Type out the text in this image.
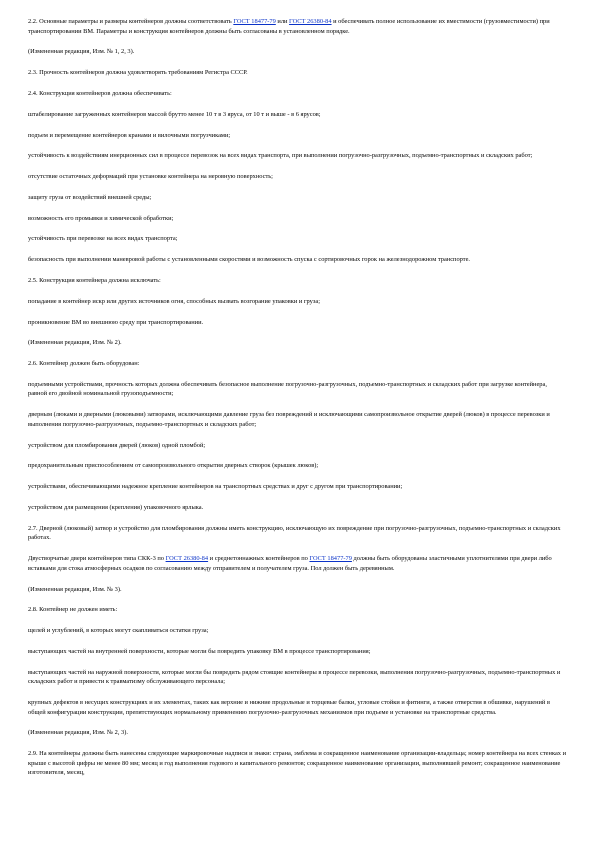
2.2. Основные параметры и размеры контейнеров должны соответствовать ГОСТ 18477-79 или ГОСТ 26380-84 и обеспечивать полное использование их вместимости (грузовместимости) при транспортировании ВМ. Параметры и конструкция контейнеров должны быть согласованы в установленном порядке.

(Измененная редакция, Изм. № 1, 2, 3).

2.3. Прочность контейнеров должна удовлетворять требованиям Регистра СССР.

2.4. Конструкция контейнеров должна обеспечивать:

штабелирование загруженных контейнеров массой брутто менее 10 т в 3 яруса, от 10 т и выше - в 6 ярусов;

подъем и перемещение контейнеров кранами и вилочными погрузчиками;

устойчивость к воздействиям инерционных сил в процессе перевозок на всех видах транспорта, при выполнении погрузочно-разгрузочных, подъемно-транспортных и складских работ;

отсутствие остаточных деформаций при установке контейнера на неровную поверхность;

защиту груза от воздействий внешней среды;

возможность его промывки и химической обработки;

устойчивость при перевозке на всех видах транспорта;

безопасность при выполнении маневровой работы с установленными скоростями и возможность спуска с сортировочных горок на железнодорожном транспорте.

2.5. Конструкция контейнера должна исключать:

попадание в контейнер искр или других источников огня, способных вызвать возгорание упаковки и груза;

проникновение ВМ во внешнюю среду при транспортировании.

(Измененная редакция, Изм. № 2).

2.6. Контейнер должен быть оборудован:

подъемными устройствами, прочность которых должна обеспечивать безопасное выполнение погрузочно-разгрузочных, подъемно-транспортных и складских работ при загрузке контейнера, равной его двойной номинальной грузоподъемности;

дверным (люками и дверными (люковыми) затворами, исключающими давление груза без повреждений и исключающими самопроизвольное открытие дверей (люков) в процессе перевозки и выполнения погрузочно-разгрузочных, подъемно-транспортных и складских работ;

устройством для пломбирования дверей (люков) одной пломбой;

предохранительным приспособлением от самопроизвольного открытия дверных створок (крышек люков);

устройствами, обеспечивающими надежное крепление контейнеров на транспортных средствах и друг с другом при транспортировании;

устройством для размещения (крепления) упаковочного ярлыка.

2.7. Дверной (люковый) затвор и устройство для пломбирования должны иметь конструкцию, исключающую их повреждение при погрузочно-разгрузочных, подъемно-транспортных и складских работах.

Двустворчатые двери контейнеров типа СКК-3 по ГОСТ 26380-84 и среднетоннажных контейнеров по ГОСТ 18477-79 должны быть оборудованы эластичными уплотнителями при двери либо вставками для стока атмосферных осадков по согласованию между отправителем и получателем груза. Пол должен быть деревянным.

(Измененная редакция, Изм. № 3).

2.8. Контейнер не должен иметь:

щелей и углублений, в которых могут скапливаться остатки груза;

выступающих частей на внутренней поверхности, которые могли бы повредить упаковку ВМ в процессе транспортирования;

выступающих частей на наружной поверхности, которые могли бы повредить рядом стоящие контейнеры в процессе перевозки, выполнения погрузочно-разгрузочных, подъемно-транспортных и складских работ и привести к травматизму обслуживающего персонала;

крупных дефектов в несущих конструкциях и их элементах, таких как верхние и нижние продольные и торцевые балки, угловые стойки и фитинги, а также отверстия в обшивке, нарушений в общей конфигурации конструкции, препятствующих нормальному применению погрузочно-разгрузочных механизмов при подъеме и установке на транспортные средства.

(Измененная редакция, Изм. № 2, 3).

2.9. На контейнеры должны быть нанесены следующие маркировочные надписи и знаки: страна, эмблема и сокращенное наименование организации-владельца; номер контейнера на всех стенках и крыше с высотой цифры не менее 80 мм; месяц и год выполнения годового и капитального ремонтов; сокращенное наименование организации, выполнявшей ремонт; сокращенное наименование изготовителя, месяц,
